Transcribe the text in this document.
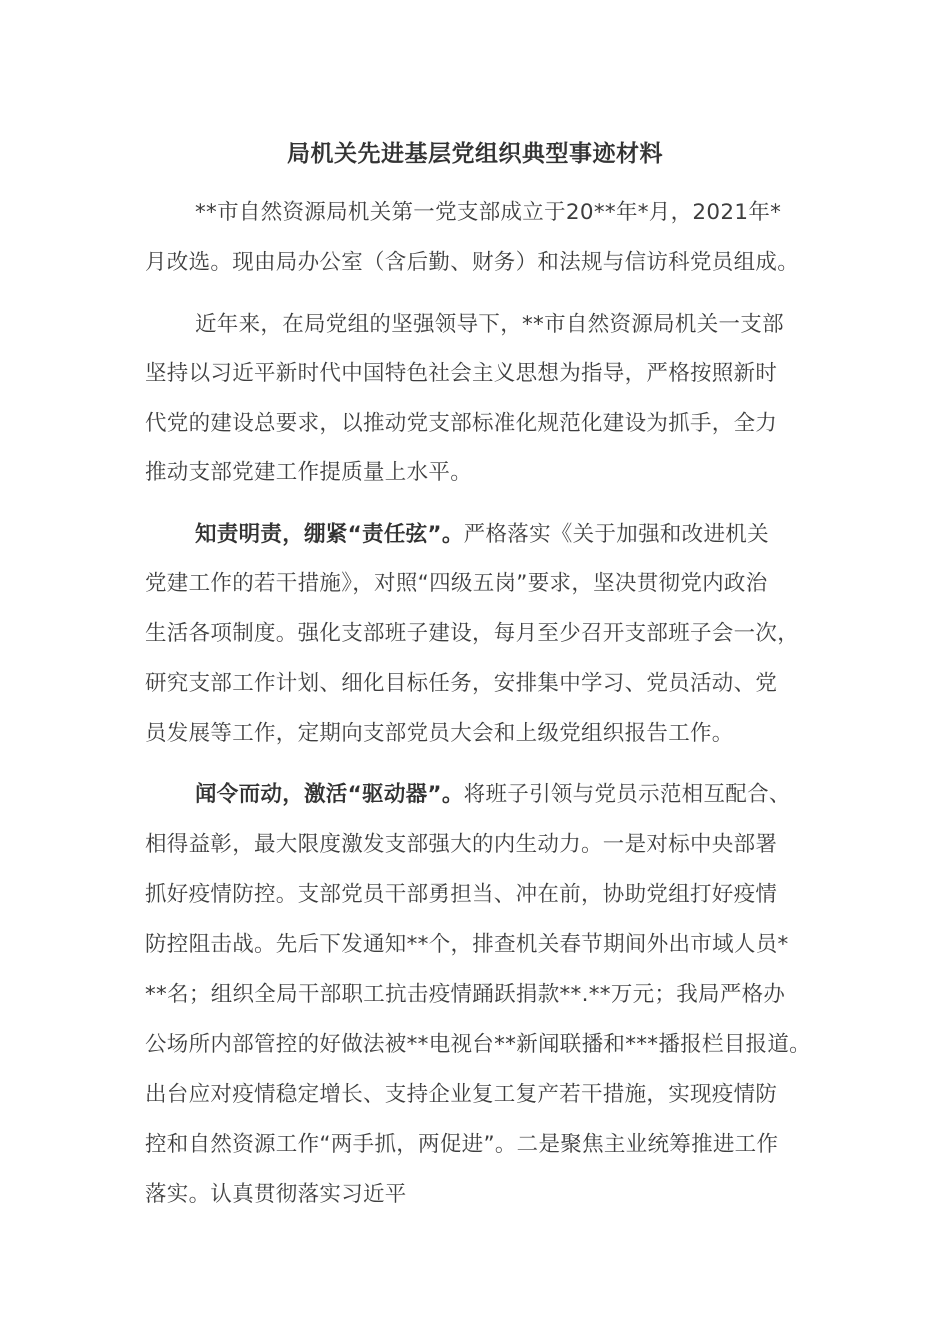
局机关先进基层党组织典型事迹材料
**市自然资源局机关第一党支部成立于20**年*月，2021年*
月改选。现由局办公室（含后勤、财务）和法规与信访科党员组成。
近年来，在局党组的坚强领导下，**市自然资源局机关一支部
坚持以习近平新时代中国特色社会主义思想为指导，严格按照新时
代党的建设总要求，以推动党支部标准化规范化建设为抓手，全力
推动支部党建工作提质量上水平。
知责明责，绷紧“责任弦”。严格落实《关于加强和改进机关
党建工作的若干措施》，对照“四级五岗”要求，坚决贯彻党内政治
生活各项制度。强化支部班子建设，每月至少召开支部班子会一次，
研究支部工作计划、细化目标任务，安排集中学习、党员活动、党
员发展等工作，定期向支部党员大会和上级党组织报告工作。
闻令而动，激活“驱动器”。将班子引领与党员示范相互配合、
相得益彰，最大限度激发支部强大的内生动力。一是对标中央部署
抓好疫情防控。支部党员干部勇担当、冲在前，协助党组打好疫情
防控阻击战。先后下发通知**个，排查机关春节期间外出市域人员*
**名；组织全局干部职工抗击疫情踊跃捐款**.**万元；我局严格办
公场所内部管控的好做法被**电视台**新闻联播和***播报栏目报道。
出台应对疫情稳定增长、支持企业复工复产若干措施，实现疫情防
控和自然资源工作“两手抓，两促进”。二是聚焦主业统筹推进工作
落实。认真贯彻落实习近平
